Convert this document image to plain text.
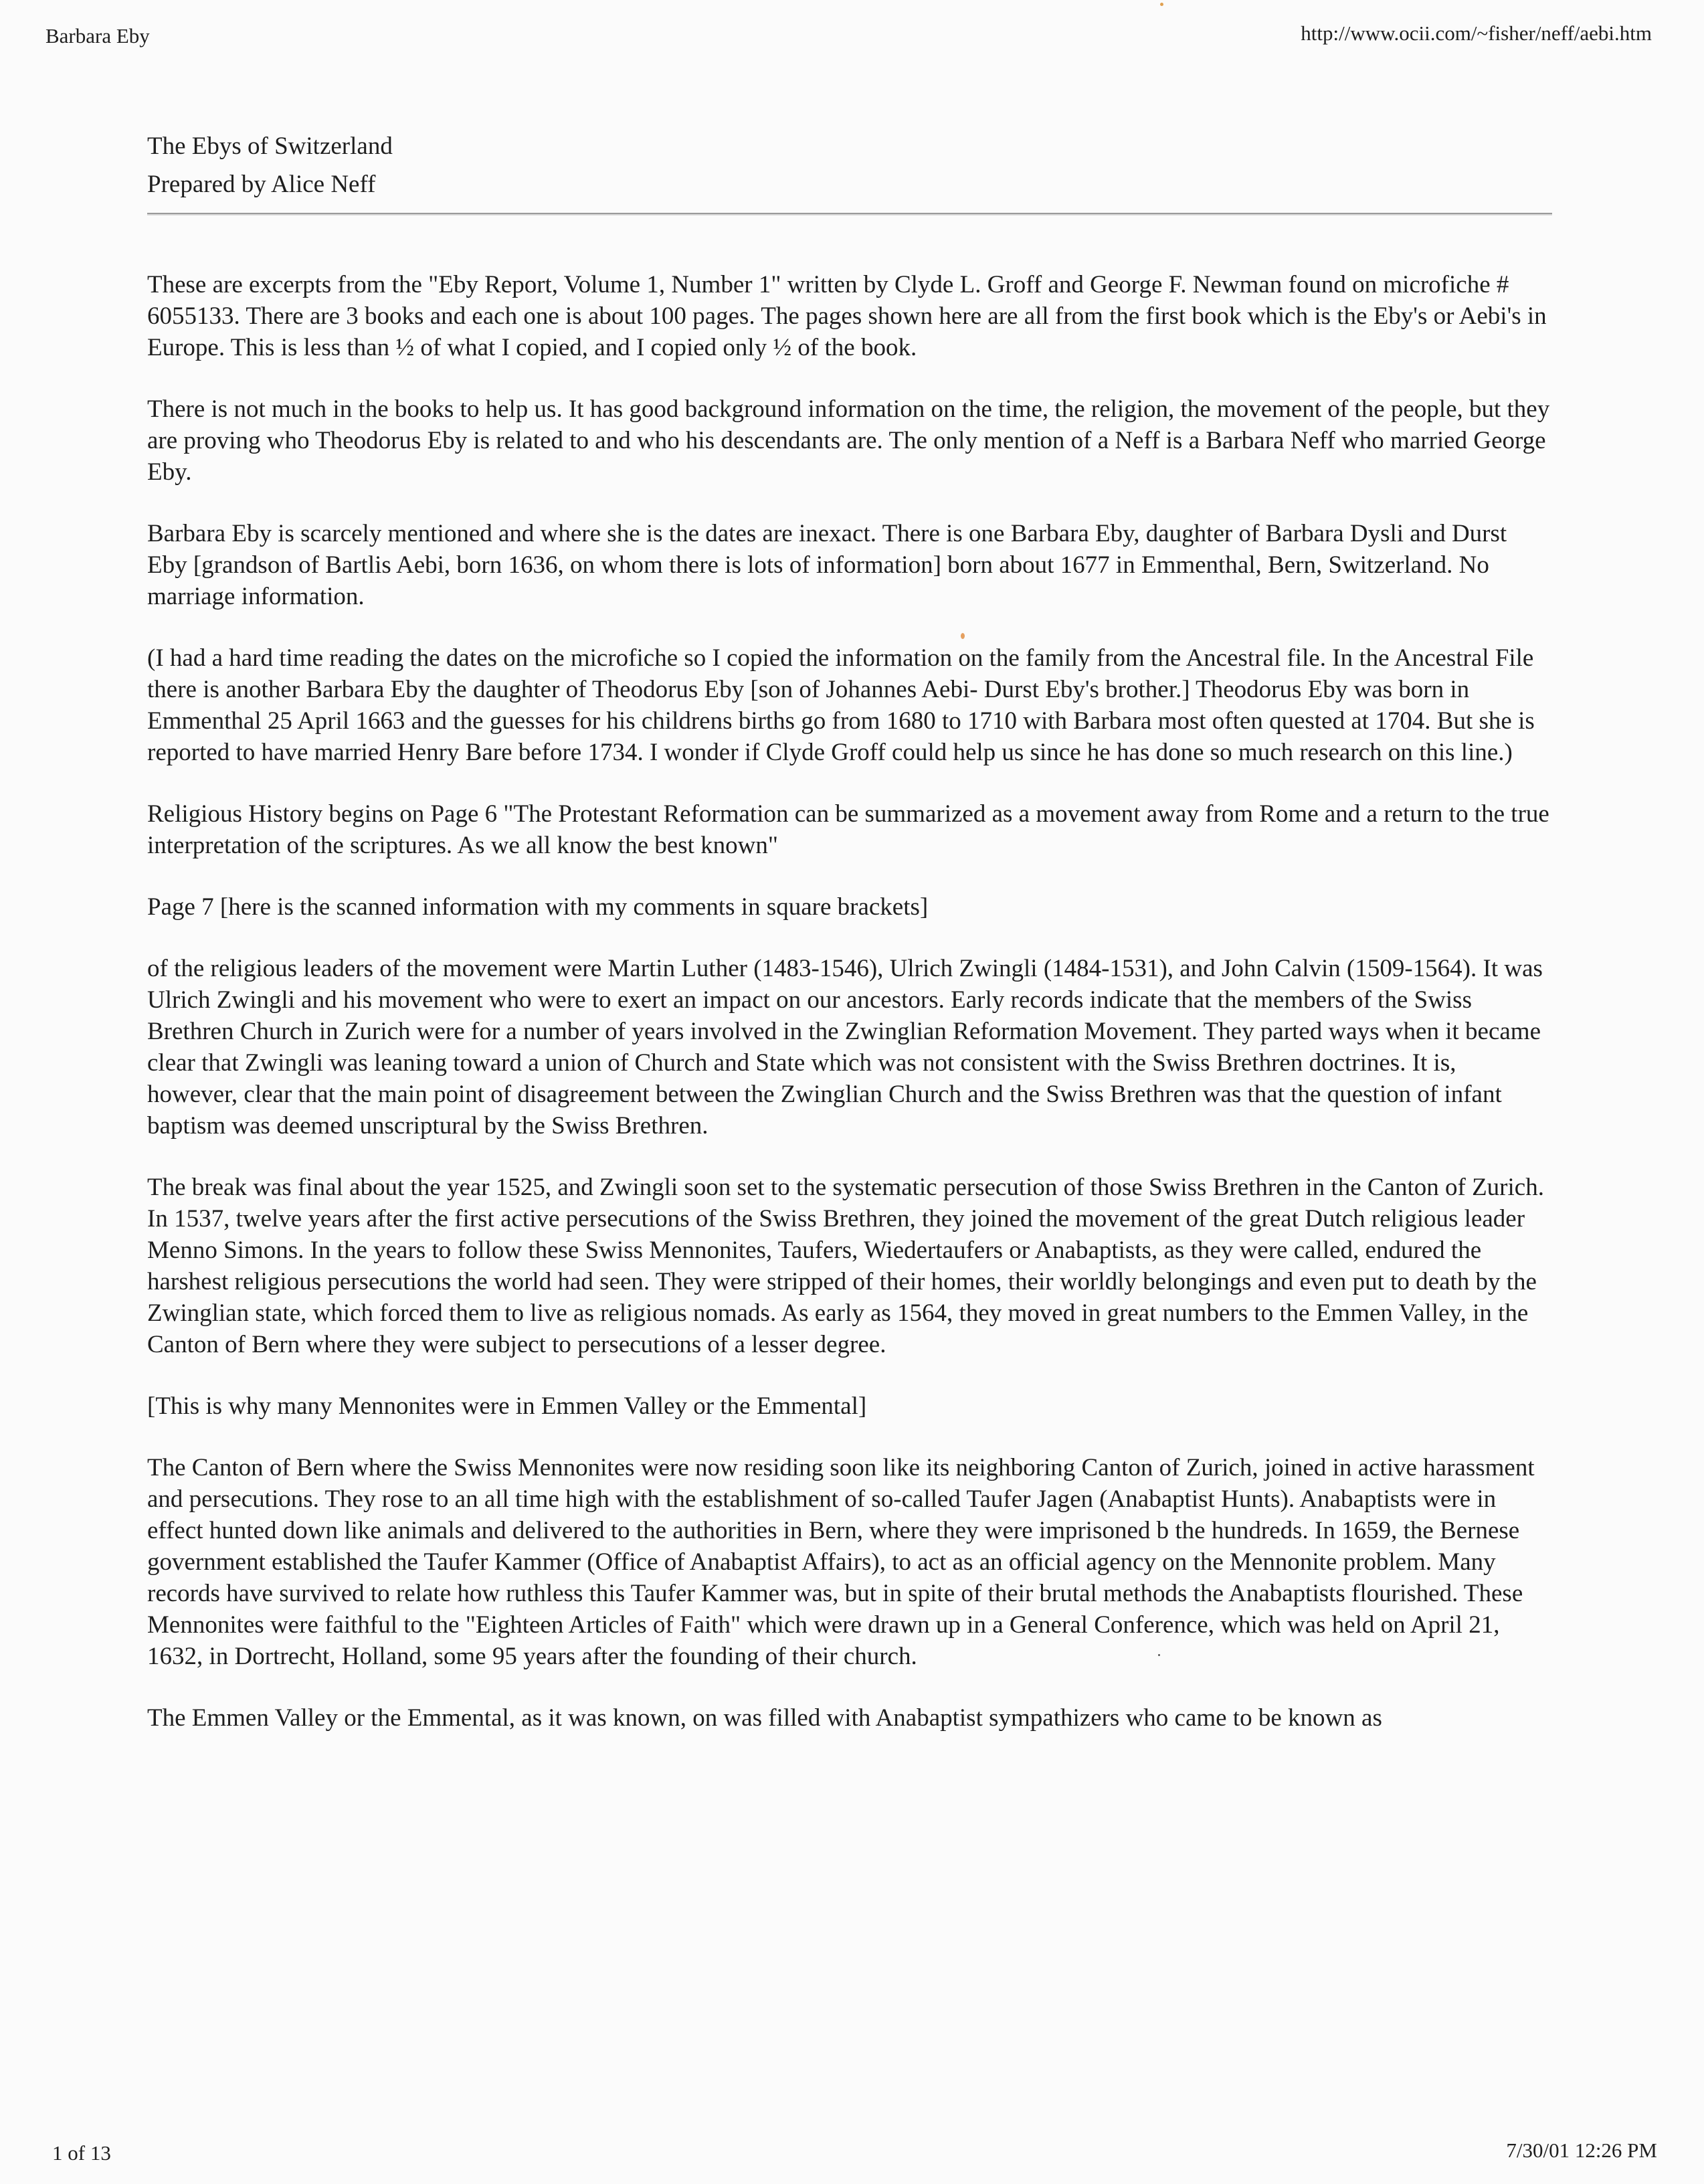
Barbara Eby	http://www.ocii.com/~fisher/neff/aebi.htm
The Ebys of Switzerland
Prepared by Alice Neff

These are excerpts from the "Eby Report, Volume 1, Number 1" written by Clyde L. Groff and George F. Newman found on microfiche # 6055133. There are 3 books and each one is about 100 pages. The pages shown here are all from the first book which is the Eby's or Aebi's in Europe. This is less than ½ of what I copied, and I copied only ½ of the book.

There is not much in the books to help us. It has good background information on the time, the religion, the movement of the people, but they are proving who Theodorus Eby is related to and who his descendants are. The only mention of a Neff is a Barbara Neff who married George Eby.

Barbara Eby is scarcely mentioned and where she is the dates are inexact. There is one Barbara Eby, daughter of Barbara Dysli and Durst Eby [grandson of Bartlis Aebi, born 1636, on whom there is lots of information] born about 1677 in Emmenthal, Bern, Switzerland. No marriage information.

(I had a hard time reading the dates on the microfiche so I copied the information on the family from the Ancestral file. In the Ancestral File there is another Barbara Eby the daughter of Theodorus Eby [son of Johannes Aebi- Durst Eby's brother.] Theodorus Eby was born in Emmenthal 25 April 1663 and the guesses for his childrens births go from 1680 to 1710 with Barbara most often quested at 1704. But she is reported to have married Henry Bare before 1734. I wonder if Clyde Groff could help us since he has done so much research on this line.)

Religious History begins on Page 6 "The Protestant Reformation can be summarized as a movement away from Rome and a return to the true interpretation of the scriptures. As we all know the best known"

Page 7 [here is the scanned information with my comments in square brackets]

of the religious leaders of the movement were Martin Luther (1483-1546), Ulrich Zwingli (1484-1531), and John Calvin (1509-1564). It was Ulrich Zwingli and his movement who were to exert an impact on our ancestors. Early records indicate that the members of the Swiss Brethren Church in Zurich were for a number of years involved in the Zwinglian Reformation Movement. They parted ways when it became clear that Zwingli was leaning toward a union of Church and State which was not consistent with the Swiss Brethren doctrines. It is, however, clear that the main point of disagreement between the Zwinglian Church and the Swiss Brethren was that the question of infant baptism was deemed unscriptural by the Swiss Brethren.

The break was final about the year 1525, and Zwingli soon set to the systematic persecution of those Swiss Brethren in the Canton of Zurich. In 1537, twelve years after the first active persecutions of the Swiss Brethren, they joined the movement of the great Dutch religious leader Menno Simons. In the years to follow these Swiss Mennonites, Taufers, Wiedertaufers or Anabaptists, as they were called, endured the harshest religious persecutions the world had seen. They were stripped of their homes, their worldly belongings and even put to death by the Zwinglian state, which forced them to live as religious nomads. As early as 1564, they moved in great numbers to the Emmen Valley, in the Canton of Bern where they were subject to persecutions of a lesser degree.

[This is why many Mennonites were in Emmen Valley or the Emmental]

The Canton of Bern where the Swiss Mennonites were now residing soon like its neighboring Canton of Zurich, joined in active harassment and persecutions. They rose to an all time high with the establishment of so-called Taufer Jagen (Anabaptist Hunts). Anabaptists were in effect hunted down like animals and delivered to the authorities in Bern, where they were imprisoned b the hundreds. In 1659, the Bernese government established the Taufer Kammer (Office of Anabaptist Affairs), to act as an official agency on the Mennonite problem. Many records have survived to relate how ruthless this Taufer Kammer was, but in spite of their brutal methods the Anabaptists flourished. These Mennonites were faithful to the "Eighteen Articles of Faith" which were drawn up in a General Conference, which was held on April 21, 1632, in Dortrecht, Holland, some 95 years after the founding of their church.

The Emmen Valley or the Emmental, as it was known, on was filled with Anabaptist sympathizers who came to be known as

1 of 13	7/30/01 12:26 PM
